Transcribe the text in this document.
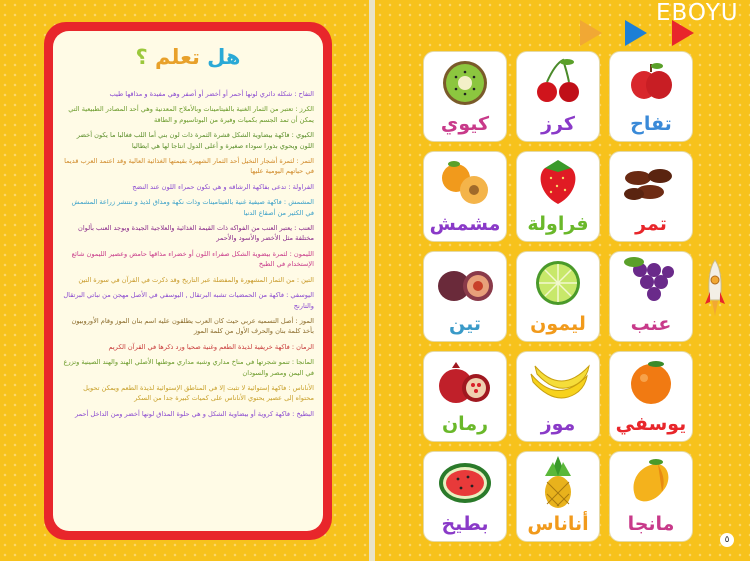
هل تعلم ؟
التفاح : شكله دائري لونها أحمر أو أخضر أو أصفر وهي مفيدة و مذاقها طيب
الكرز : تعتبر من الثمار الغنية بالفيتامينات وبالأملاح المعدنية وهي أحد المصادر الطبيعية التي يمكن أن تمد الجسم بكميات وفيرة من البوتاسيوم و الطاقة
الكيوي : فاكهة بيضاوية الشكل قشرة الثمرة ذات لون بني أما اللب فغالبا ما يكون أخضر اللون ويحوي بذورا سوداء صغيرة و أعلى الدول انتاجا لها هي ايطاليا
التمر : لثمرة أشجار النخيل أحد الثمار الشهيرة بقيمتها الغذائية العالية وقد اعتمد العرب قديما في حياتهم اليومية عليها
الفراولة : تدعى بفاكهة الرشاقه و هي تكون حمراء اللون عند النضج
المشمش : فاكهة صيفية غنية بالفيتامينات وذات نكهة ومذاق لذيذ و تنتشر زراعة المشمش في الكثير من أصقاع الدنيا
العنب : يعتبر العنب من الفواكه ذات القيمة الغذائية والعلاجية الجيدة ويوجد العنب بألوان مختلفة مثل الأخضر والأسود والأحمر
الليمون : لثمرة بيضوية الشكل صفراء اللون أو خضراء مذاقها حامض وعصير الليمون شائع الإستخدام في الطبخ
التين : من الثمار المشهورة والمفضلة عبر التاريخ وقد ذكرت في القرآن في سورة التين
اليوسفي : فاكهة من الحمضيات تشبه البرتقال , اليوسفي في الأصل مهجن من نباتي البرتقال والتارنج
الموز : أصل التسميه عربي حيث كان العرب يطلقون عليه اسم بنان الموز وقام الأوروبيون بأخذ كلمة بنان والحرف الأول من كلمة الموز
الرمان : فاكهة خريفية لذيذة الطعم وغنية صحيا ورد ذكرها في القرآن الكريم
المانجا : تنمو شجرتها في مناخ مداري وشبه مداري موطنها الأصلي الهند والهند الصينية وتزرع في اليمن ومصر والسودان
الأناناس : فاكهة إستوائية لا تثبت إلا في المناطق الإستوائية لذيذة الطعم ويمكن تحويل محتواه إلى عصير يحتوي الأناناس على كميات كبيرة جدا من السكر
البطيخ : فاكهة كروية أو بيضاوية الشكل و هي حلوة المذاق لونها أخضر ومن الداخل أحمر
EBOYU
تفاح
كرز
كيوي
تمر
فراولة
مشمش
عنب
ليمون
تين
يوسفي
موز
رمان
مانجا
أناناس
بطيخ
٥
